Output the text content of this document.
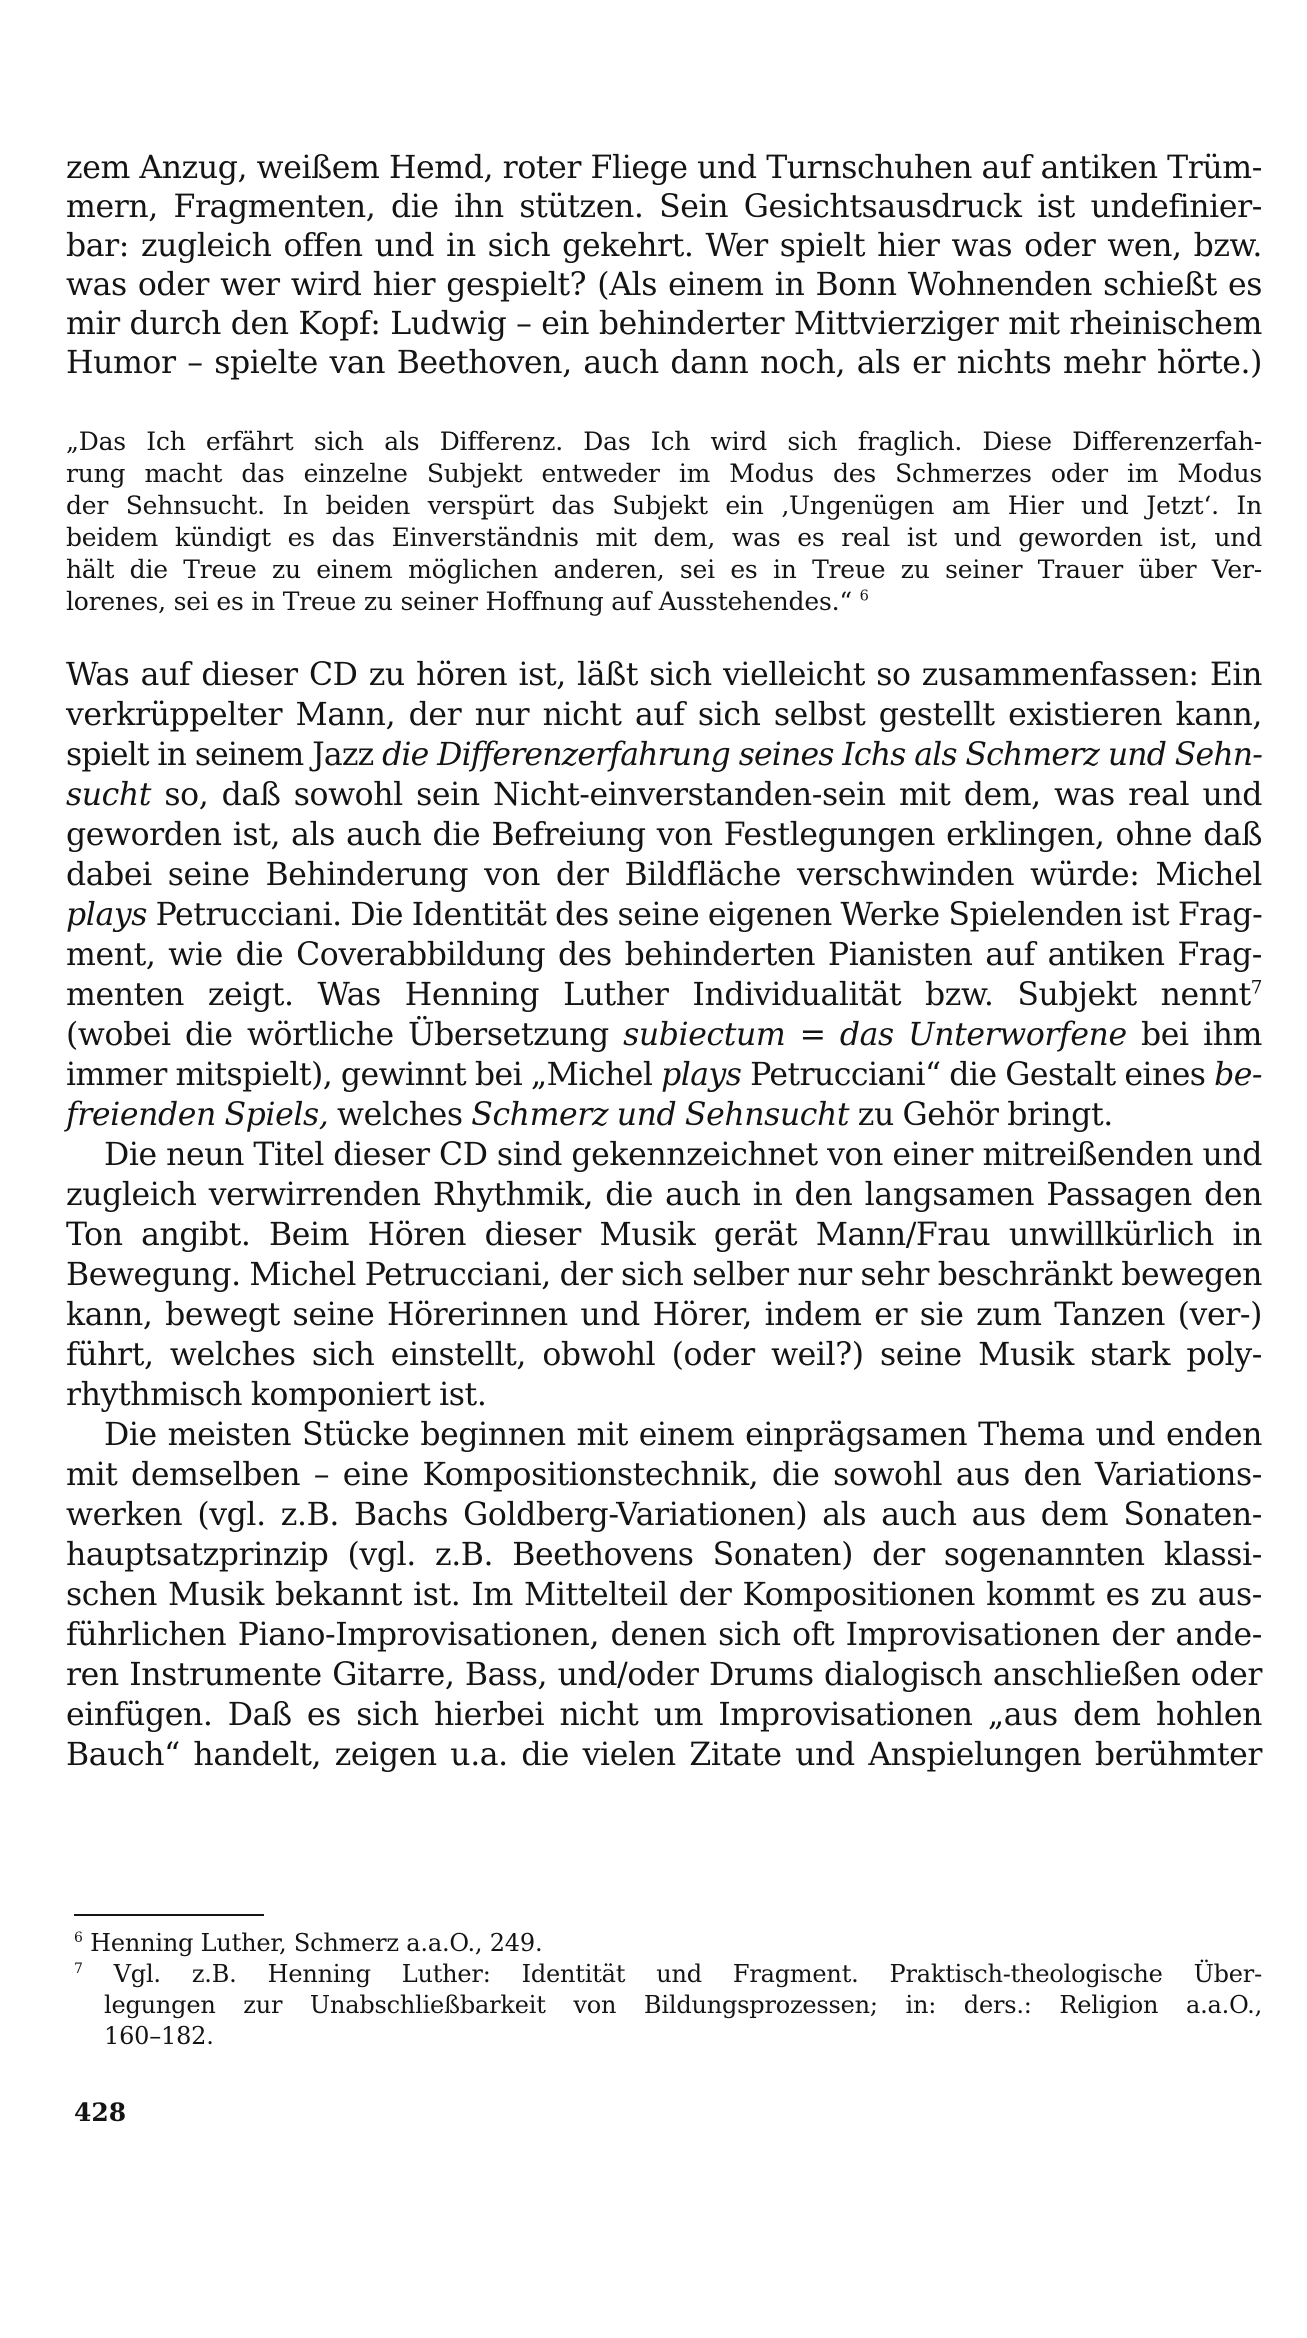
zem Anzug, weißem Hemd, roter Fliege und Turnschuhen auf antiken Trüm-
mern, Fragmenten, die ihn stützen. Sein Gesichtsausdruck ist undefinier-
bar: zugleich offen und in sich gekehrt. Wer spielt hier was oder wen, bzw.
was oder wer wird hier gespielt? (Als einem in Bonn Wohnenden schießt es
mir durch den Kopf: Ludwig – ein behinderter Mittvierziger mit rheinischem
Humor – spielte van Beethoven, auch dann noch, als er nichts mehr hörte.)
„Das Ich erfährt sich als Differenz. Das Ich wird sich fraglich. Diese Differenzerfah-
rung macht das einzelne Subjekt entweder im Modus des Schmerzes oder im Modus
der Sehnsucht. In beiden verspürt das Subjekt ein ‚Ungenügen am Hier und Jetzt‘. In
beidem kündigt es das Einverständnis mit dem, was es real ist und geworden ist, und
hält die Treue zu einem möglichen anderen, sei es in Treue zu seiner Trauer über Ver-
lorenes, sei es in Treue zu seiner Hoffnung auf Ausstehendes.“ $^6$
Was auf dieser CD zu hören ist, läßt sich vielleicht so zusammenfassen: Ein
verkrüppelter Mann, der nur nicht auf sich selbst gestellt existieren kann,
spielt in seinem Jazz die Differenzerfahrung seines Ichs als Schmerz und Sehn-
sucht so, daß sowohl sein Nicht-einverstanden-sein mit dem, was real und
geworden ist, als auch die Befreiung von Festlegungen erklingen, ohne daß
dabei seine Behinderung von der Bildfläche verschwinden würde: Michel
plays Petrucciani. Die Identität des seine eigenen Werke Spielenden ist Frag-
ment, wie die Coverabbildung des behinderten Pianisten auf antiken Frag-
menten zeigt. Was Henning Luther Individualität bzw. Subjekt nennt$^7$
(wobei die wörtliche Übersetzung subiectum = das Unterworfene bei ihm
immer mitspielt), gewinnt bei „Michel plays Petrucciani“ die Gestalt eines be-
freienden Spiels, welches Schmerz und Sehnsucht zu Gehör bringt.
Die neun Titel dieser CD sind gekennzeichnet von einer mitreißenden und
zugleich verwirrenden Rhythmik, die auch in den langsamen Passagen den
Ton angibt. Beim Hören dieser Musik gerät Mann/Frau unwillkürlich in
Bewegung. Michel Petrucciani, der sich selber nur sehr beschränkt bewegen
kann, bewegt seine Hörerinnen und Hörer, indem er sie zum Tanzen (ver-)
führt, welches sich einstellt, obwohl (oder weil?) seine Musik stark poly-
rhythmisch komponiert ist.
Die meisten Stücke beginnen mit einem einprägsamen Thema und enden
mit demselben – eine Kompositionstechnik, die sowohl aus den Variations-
werken (vgl. z.B. Bachs Goldberg-Variationen) als auch aus dem Sonaten-
hauptsatzprinzip (vgl. z.B. Beethovens Sonaten) der sogenannten klassi-
schen Musik bekannt ist. Im Mittelteil der Kompositionen kommt es zu aus-
führlichen Piano-Improvisationen, denen sich oft Improvisationen der ande-
ren Instrumente Gitarre, Bass, und/oder Drums dialogisch anschließen oder
einfügen. Daß es sich hierbei nicht um Improvisationen „aus dem hohlen
Bauch“ handelt, zeigen u.a. die vielen Zitate und Anspielungen berühmter
$^6$ Henning Luther, Schmerz a.a.O., 249.
$^7$ Vgl. z.B. Henning Luther: Identität und Fragment. Praktisch-theologische Über-
legungen zur Unabschließbarkeit von Bildungsprozessen; in: ders.: Religion a.a.O.,
160–182.
428
